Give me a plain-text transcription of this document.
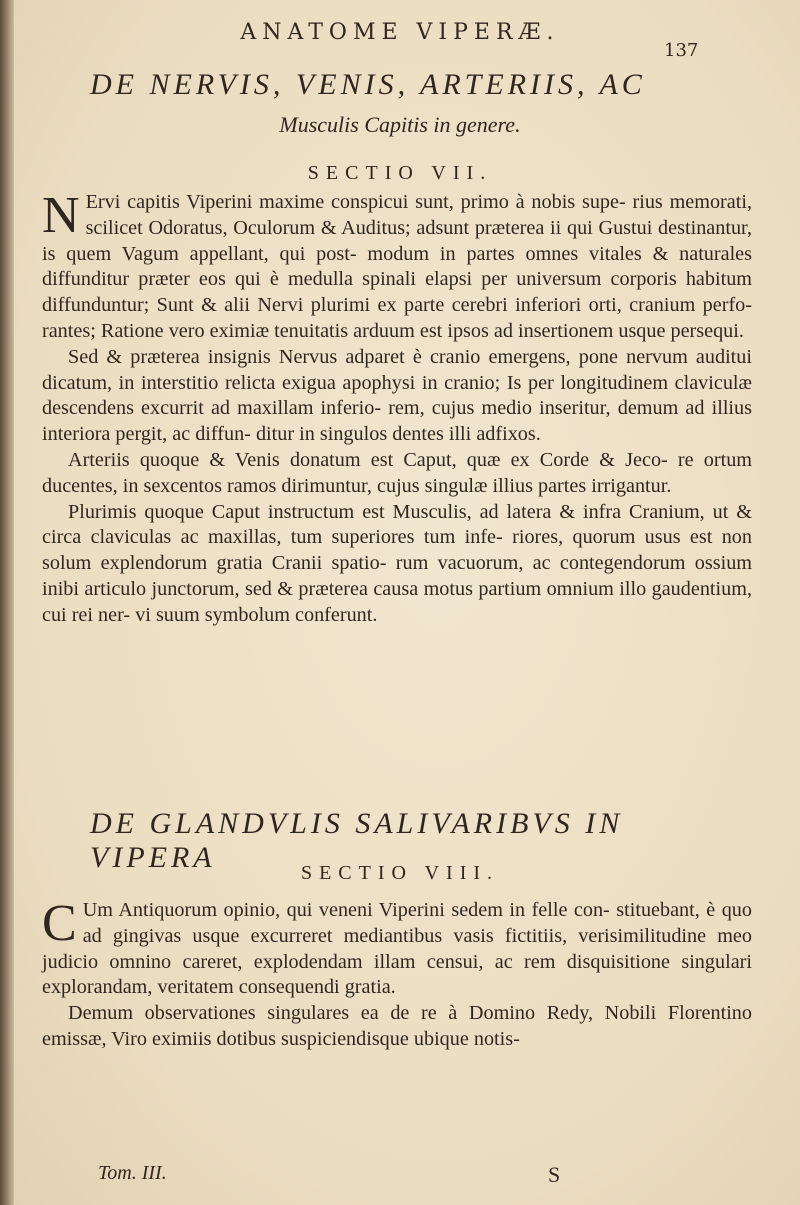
ANATOME VIPERÆ.
137
DE NERVIS, VENIS, ARTERIIS, AC
Musculis Capitis in genere.
SECTIO VII.

N Ervi capitis Viperini maxime conspicui sunt, primo à nobis supe- rius memorati, scilicet Odoratus, Oculorum & Auditus; adsunt præterea ii qui Gustui destinantur, is quem Vagum appellant, qui post- modum in partes omnes vitales & naturales diffunditur præter eos qui è medulla spinali elapsi per universum corporis habitum diffunduntur; Sunt & alii Nervi plurimi ex parte cerebri inferiori orti, cranium perfo- rantes; Ratione vero eximiæ tenuitatis arduum est ipsos ad insertionem usque persequi.

Sed & præterea insignis Nervus adparet è cranio emergens, pone nervum auditui dicatum, in interstitio relicta exigua apophysi in cranio; Is per longitudinem claviculæ descendens excurrit ad maxillam inferio- rem, cujus medio inseritur, demum ad illius interiora pergit, ac diffun- ditur in singulos dentes illi adfixos.

Arteriis quoque & Venis donatum est Caput, quæ ex Corde & Jeco- re ortum ducentes, in sexcentos ramos dirimuntur, cujus singulæ illius partes irrigantur.

Plurimis quoque Caput instructum est Musculis, ad latera & infra Cranium, ut & circa claviculas ac maxillas, tum superiores tum infe- riores, quorum usus est non solum explendorum gratia Cranii spatio- rum vacuorum, ac contegendorum ossium inibi articulo junctorum, sed & præterea causa motus partium omnium illo gaudentium, cui rei ner- vi suum symbolum conferunt.

DE GLANDVLIS SALIVARIBVS IN VIPERA	SECTIO VIII.

C Um Antiquorum opinio, qui veneni Viperini sedem in felle con- stituebant, è quo ad gingivas usque excurreret mediantibus vasis fictitiis, verisimilitudine meo judicio omnino careret, explodendam illam censui, ac rem disquisitione singulari explorandam, veritatem consequendi gratia.

Demum observationes singulares ea de re à Domino Redy, Nobili Florentino emissæ, Viro eximiis dotibus suspiciendisque ubique notis-

Tom. III.	S
